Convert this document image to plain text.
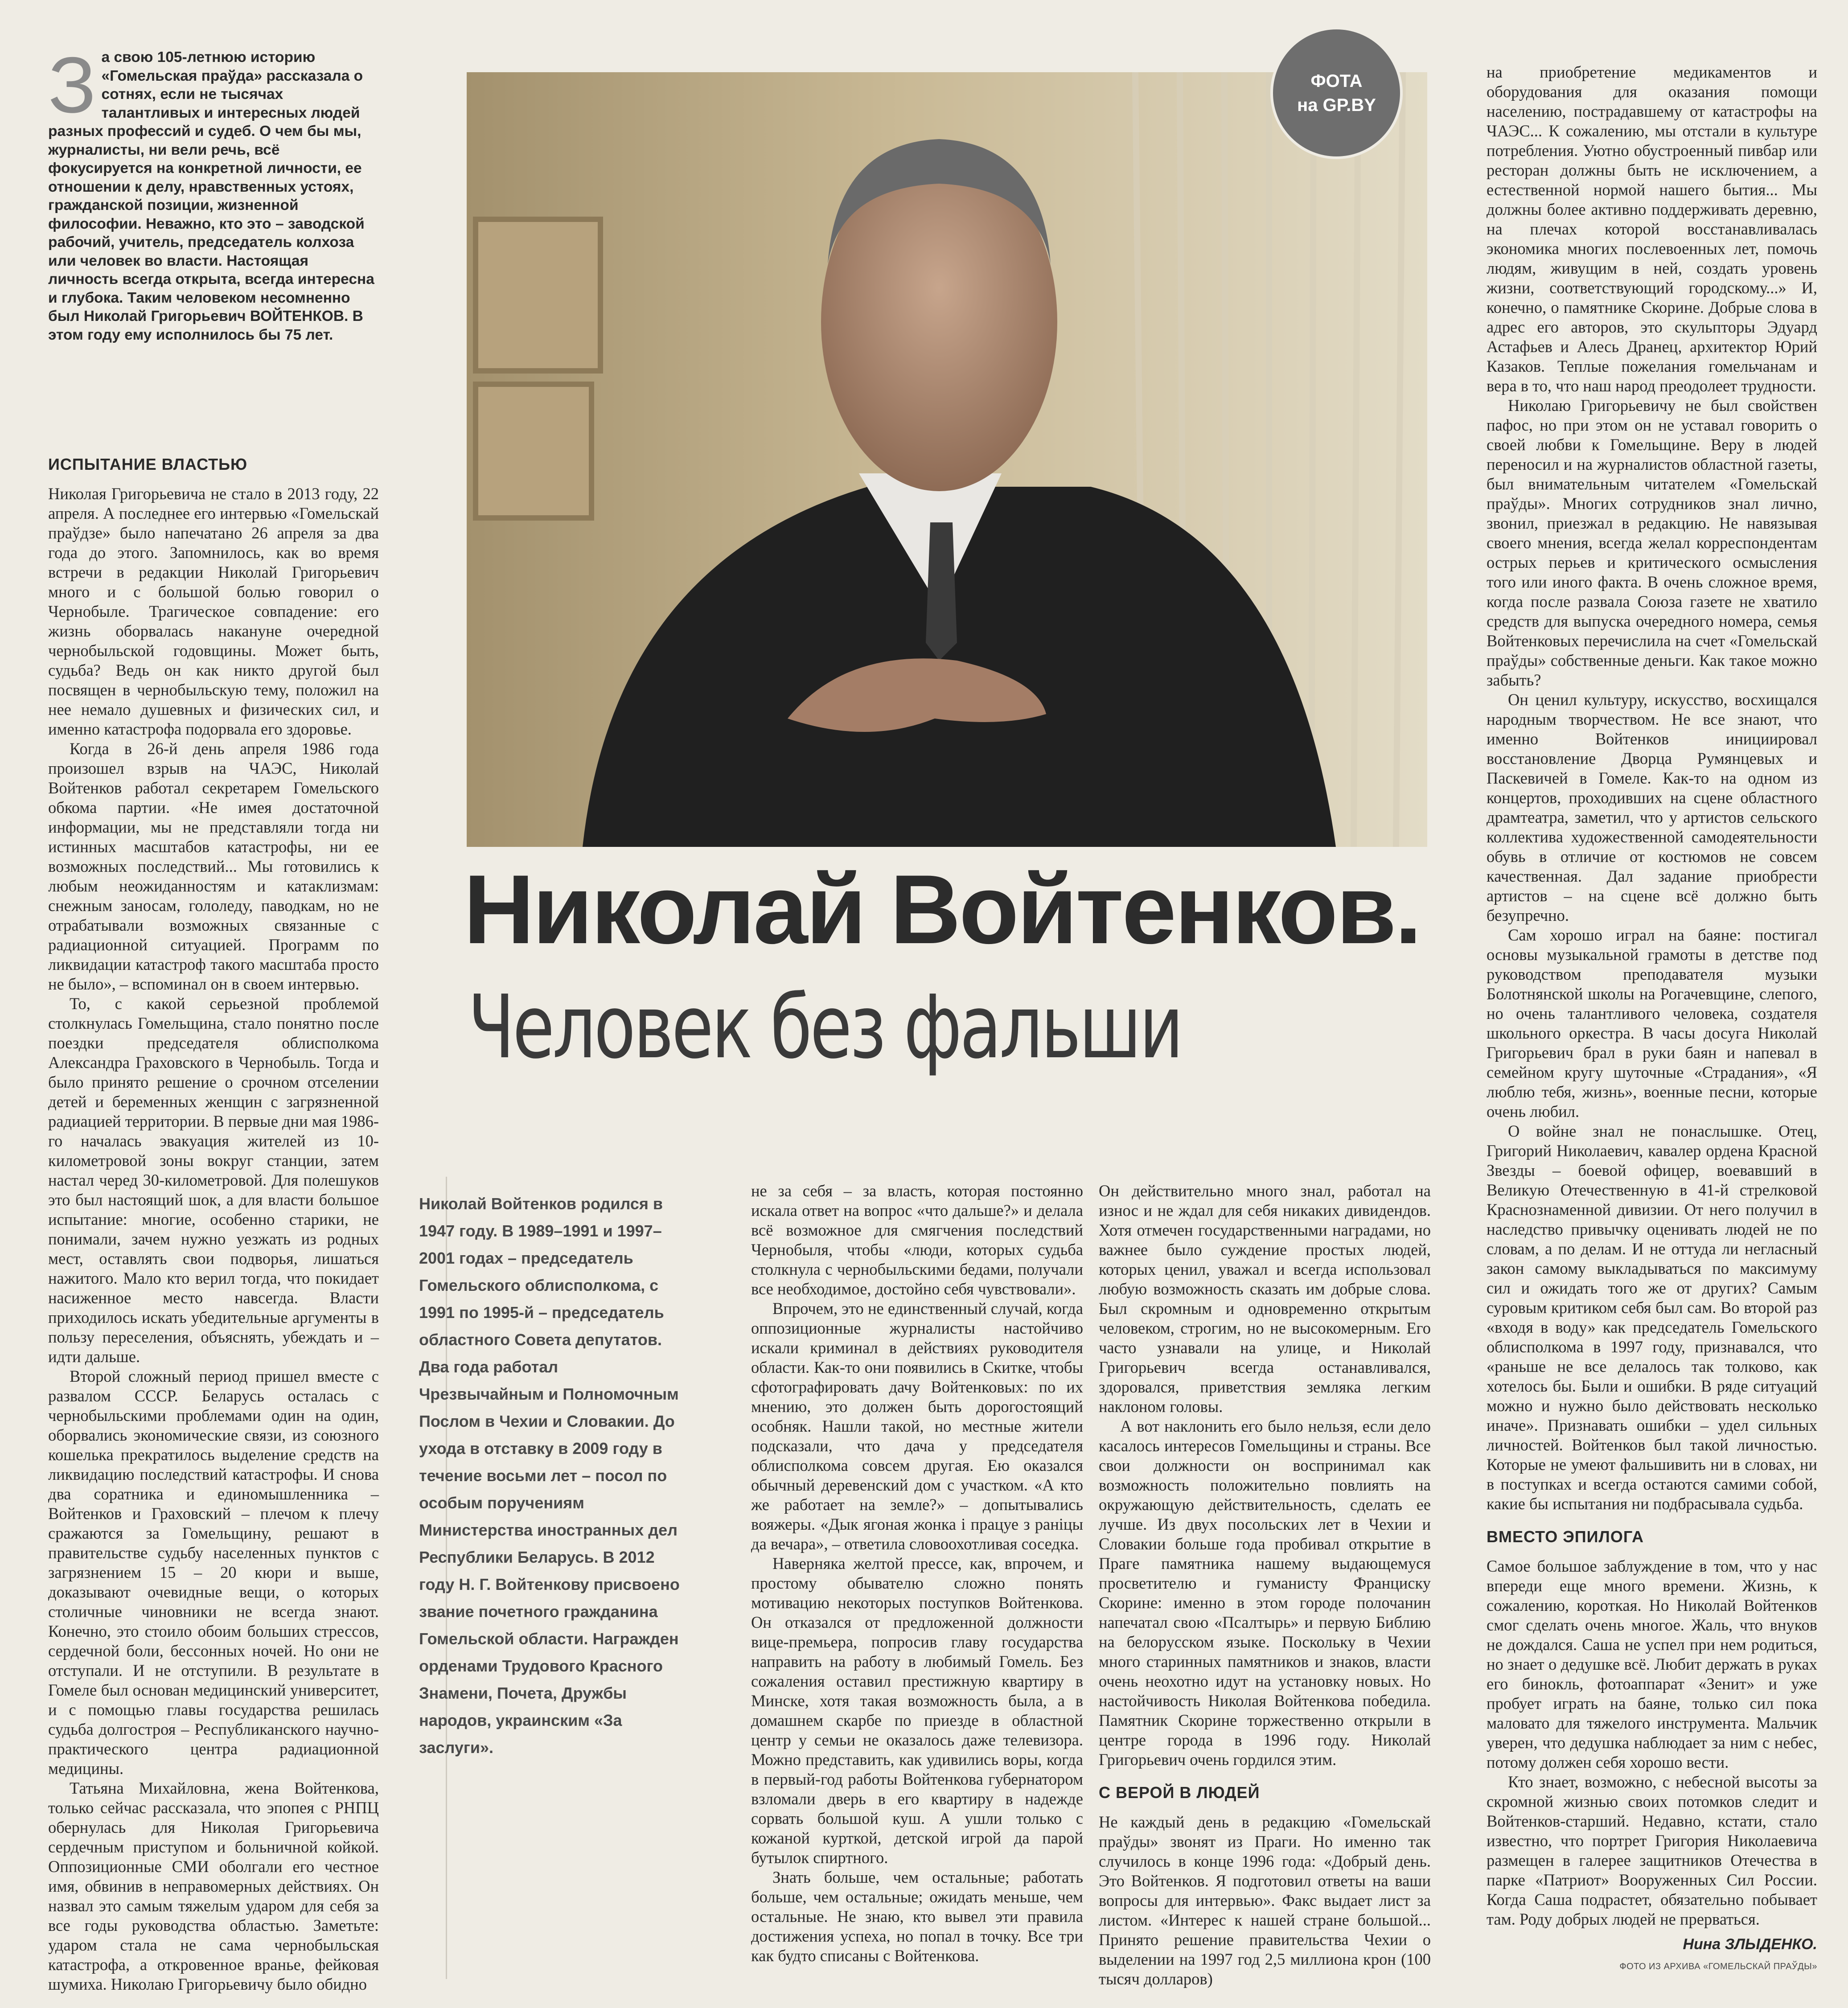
З а свою 105-летнюю историю «Гомельская праўда» рассказала о сотнях, если не тысячах талантливых и интересных людей разных профессий и судеб. О чем бы мы, журналисты, ни вели речь, всё фокусируется на конкретной личности, ее отношении к делу, нравственных устоях, гражданской позиции, жизненной философии. Неважно, кто это – заводской рабочий, учитель, председатель колхоза или человек во власти. Настоящая личность всегда открыта, всегда интересна и глубока. Таким человеком несомненно был Николай Григорьевич ВОЙТЕНКОВ. В этом году ему исполнилось бы 75 лет.

ИСПЫТАНИЕ ВЛАСТЬЮ

Николая Григорьевича не стало в 2013 году, 22 апреля. А последнее его интервью «Гомельскай праўдзе» было напечатано 26 апреля за два года до этого. Запомнилось, как во время встречи в редакции Николай Григорьевич много и с большой болью говорил о Чернобыле. Трагическое совпадение: его жизнь оборвалась накануне очередной чернобыльской годовщины. Может быть, судьба? Ведь он как никто другой был посвящен в чернобыльскую тему, положил на нее немало душевных и физических сил, и именно катастрофа подорвала его здоровье.

Когда в 26-й день апреля 1986 года произошел взрыв на ЧАЭС, Николай Войтенков работал секретарем Гомельского обкома партии. «Не имея достаточной информации, мы не представляли тогда ни истинных масштабов катастрофы, ни ее возможных последствий... Мы готовились к любым неожиданностям и катаклизмам: снежным заносам, гололеду, паводкам, но не отрабатывали возможных связанные с радиационной ситуацией. Программ по ликвидации катастроф такого масштаба просто не было», – вспоминал он в своем интервью.

То, с какой серьезной проблемой столкнулась Гомельщина, стало понятно после поездки председателя облисполкома Александра Граховского в Чернобыль. Тогда и было принято решение о срочном отселении детей и беременных женщин с загрязненной радиацией территории. В первые дни мая 1986-го началась эвакуация жителей из 10-километровой зоны вокруг станции, затем настал черед 30-километровой. Для полешуков это был настоящий шок, а для власти большое испытание: многие, особенно старики, не понимали, зачем нужно уезжать из родных мест, оставлять свои подворья, лишаться нажитого. Мало кто верил тогда, что покидает насиженное место навсегда. Власти приходилось искать убедительные аргументы в пользу переселения, объяснять, убеждать и – идти дальше.

Второй сложный период пришел вместе с развалом СССР. Беларусь осталась с чернобыльскими проблемами один на один, оборвались экономические связи, из союзного кошелька прекратилось выделение средств на ликвидацию последствий катастрофы. И снова два соратника и единомышленника – Войтенков и Граховский – плечом к плечу сражаются за Гомельщину, решают в правительстве судьбу населенных пунктов с загрязнением 15 – 20 кюри и выше, доказывают очевидные вещи, о которых столичные чиновники не всегда знают. Конечно, это стоило обоим больших стрессов, сердечной боли, бессонных ночей. Но они не отступали. И не отступили. В результате в Гомеле был основан медицинский университет, и с помощью главы государства решилась судьба долгостроя – Республиканского научно-практического центра радиационной медицины.

Татьяна Михайловна, жена Войтенкова, только сейчас рассказала, что эпопея с РНПЦ обернулась для Николая Григорьевича сердечным приступом и больничной койкой. Оппозиционные СМИ оболгали его честное имя, обвинив в неправомерных действиях. Он назвал это самым тяжелым ударом для себя за все годы руководства областью. Заметьте: ударом стала не сама чернобыльская катастрофа, а откровенное вранье, фейковая шумиха. Николаю Григорьевичу было обидно

ФОТА
на GP.BY
Николай Войтенков.
Человек без фальши

Николай Войтенков родился в 1947 году. В 1989–1991 и 1997–2001 годах – председатель Гомельского облисполкома, с 1991 по 1995-й – председатель областного Совета депутатов. Два года работал Чрезвычайным и Полномочным Послом в Чехии и Словакии. До ухода в отставку в 2009 году в течение восьми лет – посол по особым поручениям Министерства иностранных дел Республики Беларусь. В 2012 году Н. Г. Войтенкову присвоено звание почетного гражданина Гомельской области. Награжден орденами Трудового Красного Знамени, Почета, Дружбы народов, украинским «За заслуги».

не за себя – за власть, которая постоянно искала ответ на вопрос «что дальше?» и делала всё возможное для смягчения последствий Чернобыля, чтобы «люди, которых судьба столкнула с чернобыльскими бедами, получали все необходимое, достойно себя чувствовали».

Впрочем, это не единственный случай, когда оппозиционные журналисты настойчиво искали криминал в действиях руководителя области. Как-то они появились в Скитке, чтобы сфотографировать дачу Войтенковых: по их мнению, это должен быть дорогостоящий особняк. Нашли такой, но местные жители подсказали, что дача у председателя облисполкома совсем другая. Ею оказался обычный деревенский дом с участком. «А кто же работает на земле?» – допытывались вояжеры. «Дык ягоная жонка і працуе з раніцы да вечара», – ответила словоохотливая соседка.

Наверняка желтой прессе, как, впрочем, и простому обывателю сложно понять мотивацию некоторых поступков Войтенкова. Он отказался от предложенной должности вице-премьера, попросив главу государства направить на работу в любимый Гомель. Без сожаления оставил престижную квартиру в Минске, хотя такая возможность была, а в домашнем скарбе по приезде в областной центр у семьи не оказалось даже телевизора. Можно представить, как удивились воры, когда в первый-год работы Войтенкова губернатором взломали дверь в его квартиру в надежде сорвать большой куш. А ушли только с кожаной курткой, детской игрой да парой бутылок спиртного.

Знать больше, чем остальные; работать больше, чем остальные; ожидать меньше, чем остальные. Не знаю, кто вывел эти правила достижения успеха, но попал в точку. Все три как будто списаны с Войтенкова.

Он действительно много знал, работал на износ и не ждал для себя никаких дивидендов. Хотя отмечен государственными наградами, но важнее было суждение простых людей, которых ценил, уважал и всегда использовал любую возможность сказать им добрые слова. Был скромным и одновременно открытым человеком, строгим, но не высокомерным. Его часто узнавали на улице, и Николай Григорьевич всегда останавливался, здоровался, приветствия земляка легким наклоном головы.

А вот наклонить его было нельзя, если дело касалось интересов Гомельщины и страны. Все свои должности он воспринимал как возможность положительно повлиять на окружающую действительность, сделать ее лучше. Из двух посольских лет в Чехии и Словакии больше года пробивал открытие в Праге памятника нашему выдающемуся просветителю и гуманисту Франциску Скорине: именно в этом городе полочанин напечатал свою «Псалтырь» и первую Библию на белорусском языке. Поскольку в Чехии много старинных памятников и знаков, власти очень неохотно идут на установку новых. Но настойчивость Николая Войтенкова победила. Памятник Скорине торжественно открыли в центре города в 1996 году. Николай Григорьевич очень гордился этим.

С ВЕРОЙ В ЛЮДЕЙ

Не каждый день в редакцию «Гомельскай праўды» звонят из Праги. Но именно так случилось в конце 1996 года: «Добрый день. Это Войтенков. Я подготовил ответы на ваши вопросы для интервью». Факс выдает лист за листом. «Интерес к нашей стране большой... Принято решение правительства Чехии о выделении на 1997 год 2,5 миллиона крон (100 тысяч долларов)

на приобретение медикаментов и оборудования для оказания помощи населению, пострадавшему от катастрофы на ЧАЭС... К сожалению, мы отстали в культуре потребления. Уютно обустроенный пивбар или ресторан должны быть не исключением, а естественной нормой нашего бытия... Мы должны более активно поддерживать деревню, на плечах которой восстанавливалась экономика многих послевоенных лет, помочь людям, живущим в ней, создать уровень жизни, соответствующий городскому...» И, конечно, о памятнике Скорине. Добрые слова в адрес его авторов, это скульпторы Эдуард Астафьев и Алесь Дранец, архитектор Юрий Казаков. Теплые пожелания гомельчанам и вера в то, что наш народ преодолеет трудности.

Николаю Григорьевичу не был свойствен пафос, но при этом он не уставал говорить о своей любви к Гомельщине. Веру в людей переносил и на журналистов областной газеты, был внимательным читателем «Гомельскай праўды». Многих сотрудников знал лично, звонил, приезжал в редакцию. Не навязывая своего мнения, всегда желал корреспондентам острых перьев и критического осмысления того или иного факта. В очень сложное время, когда после развала Союза газете не хватило средств для выпуска очередного номера, семья Войтенковых перечислила на счет «Гомельскай праўды» собственные деньги. Как такое можно забыть?

Он ценил культуру, искусство, восхищался народным творчеством. Не все знают, что именно Войтенков инициировал восстановление Дворца Румянцевых и Паскевичей в Гомеле. Как-то на одном из концертов, проходивших на сцене областного драмтеатра, заметил, что у артистов сельского коллектива художественной самодеятельности обувь в отличие от костюмов не совсем качественная. Дал задание приобрести артистов – на сцене всё должно быть безупречно.

Сам хорошо играл на баяне: постигал основы музыкальной грамоты в детстве под руководством преподавателя музыки Болотнянской школы на Рогачевщине, слепого, но очень талантливого человека, создателя школьного оркестра. В часы досуга Николай Григорьевич брал в руки баян и напевал в семейном кругу шуточные «Страдания», «Я люблю тебя, жизнь», военные песни, которые очень любил.

О войне знал не понаслышке. Отец, Григорий Николаевич, кавалер ордена Красной Звезды – боевой офицер, воевавший в Великую Отечественную в 41-й стрелковой Краснознаменной дивизии. От него получил в наследство привычку оценивать людей не по словам, а по делам. И не оттуда ли негласный закон самому выкладываться по максимуму сил и ожидать того же от других? Самым суровым критиком себя был сам. Во второй раз «входя в воду» как председатель Гомельского облисполкома в 1997 году, признавался, что «раньше не все делалось так толково, как хотелось бы. Были и ошибки. В ряде ситуаций можно и нужно было действовать несколько иначе». Признавать ошибки – удел сильных личностей. Войтенков был такой личностью. Которые не умеют фальшивить ни в словах, ни в поступках и всегда остаются самими собой, какие бы испытания ни подбрасывала судьба.

ВМЕСТО ЭПИЛОГА

Самое большое заблуждение в том, что у нас впереди еще много времени. Жизнь, к сожалению, короткая. Но Николай Войтенков смог сделать очень многое. Жаль, что внуков не дождался. Саша не успел при нем родиться, но знает о дедушке всё. Любит держать в руках его бинокль, фотоаппарат «Зенит» и уже пробует играть на баяне, только сил пока маловато для тяжелого инструмента. Мальчик уверен, что дедушка наблюдает за ним с небес, потому должен себя хорошо вести.

Кто знает, возможно, с небесной высоты за скромной жизнью своих потомков следит и Войтенков-старший. Недавно, кстати, стало известно, что портрет Григория Николаевича размещен в галерее защитников Отечества в парке «Патриот» Вооруженных Сил России. Когда Саша подрастет, обязательно побывает там. Роду добрых людей не прерваться.

Нина ЗЛЫДЕНКО.
ФОТО ИЗ АРХИВА «ГОМЕЛЬСКАЙ ПРАЎДЫ»
